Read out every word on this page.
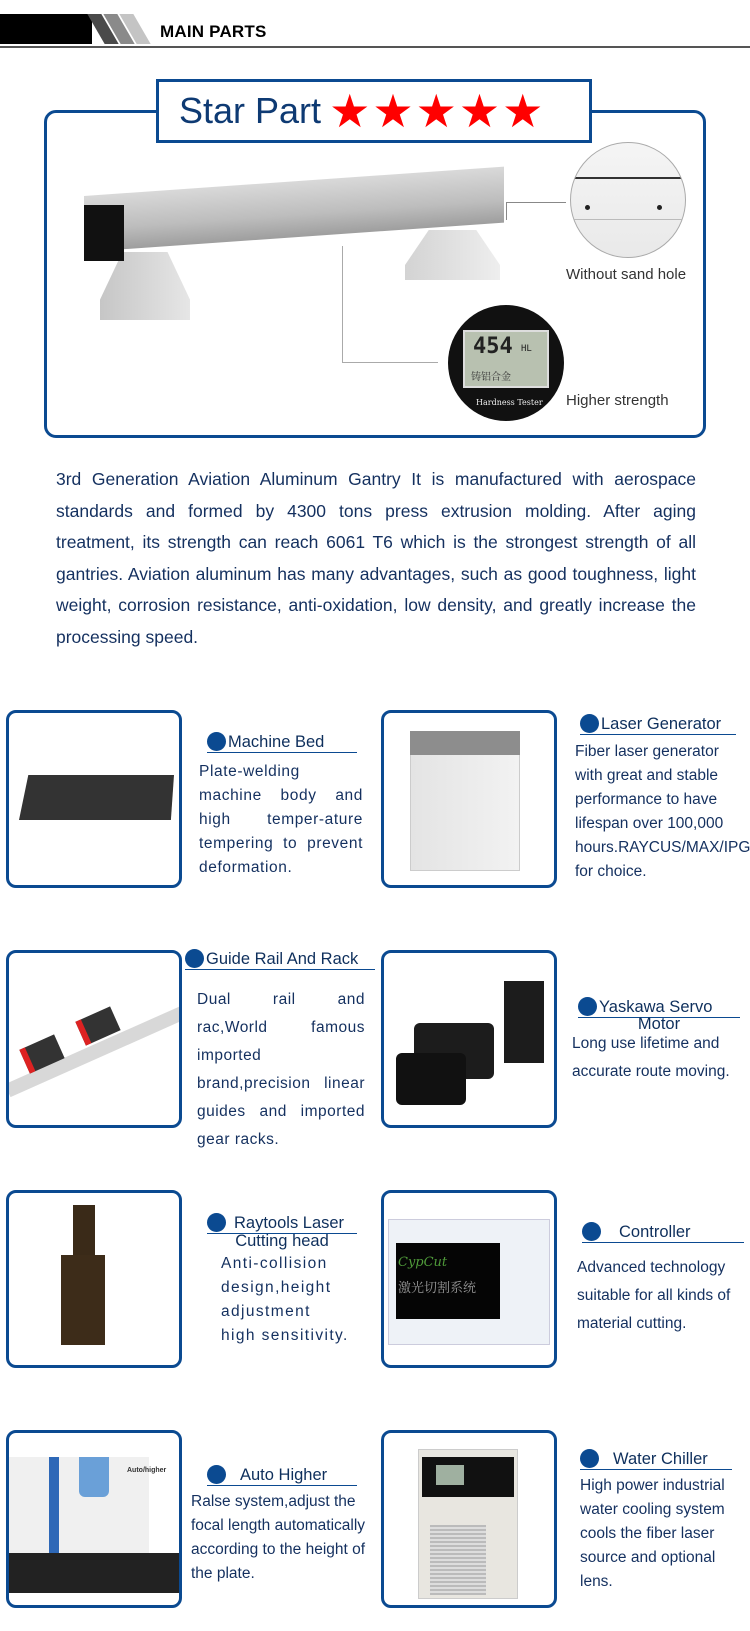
MAIN PARTS
Star Part ★ ★ ★ ★ ★
Without sand hole
454 HL
铸铝合金
Hardness Tester Higher strength

3rd Generation Aviation Aluminum Gantry It is manufactured with aerospace standards and formed by 4300 tons press extrusion molding. After aging treatment, its strength can reach 6061 T6 which is the strongest strength of all gantries. Aviation aluminum has many advantages, such as good toughness, light weight, corrosion resistance, anti-oxidation, low density, and greatly increase the processing speed.

Machine Bed
Plate-welding machine body and high temper-ature tempering to prevent deformation.
Laser Generator
Fiber laser generator with great and stable performance to have lifespan over 100,000 hours.RAYCUS/MAX/IPG for choice.
Guide Rail And Rack
Dual rail and rac,World famous imported brand,precision linear guides and imported gear racks.
Yaskawa Servo
Motor
Long use lifetime and accurate route moving.
Raytools Laser
Cutting head
Anti-collision design,height adjustment high sensitivity.
CypCut
激光切割系统
Controller
Advanced technology suitable for all kinds of material cutting.
Auto/higher	Auto Higher
Ralse system,adjust the focal length automatically according to the height of the plate.
Water Chiller
High power industrial water cooling system cools the fiber laser source and optional lens.
